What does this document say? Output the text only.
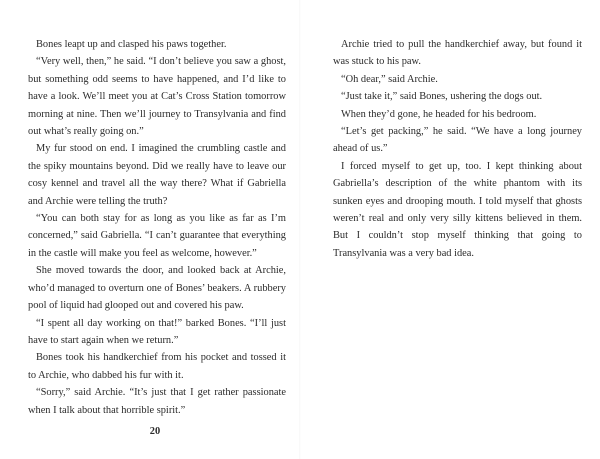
Bones leapt up and clasped his paws together.

“Very well, then,” he said. “I don’t believe you saw a ghost, but something odd seems to have happened, and I’d like to have a look. We’ll meet you at Cat’s Cross Station tomorrow morning at nine. Then we’ll journey to Transylvania and find out what’s really going on.”

My fur stood on end. I imagined the crumbling castle and the spiky mountains beyond. Did we really have to leave our cosy kennel and travel all the way there? What if Gabriella and Archie were telling the truth?

“You can both stay for as long as you like as far as I’m concerned,” said Gabriella. “I can’t guarantee that everything in the castle will make you feel as welcome, however.”

She moved towards the door, and looked back at Archie, who’d managed to overturn one of Bones’ beakers. A rubbery pool of liquid had glooped out and covered his paw.

“I spent all day working on that!” barked Bones. “I’ll just have to start again when we return.”

Bones took his handkerchief from his pocket and tossed it to Archie, who dabbed his fur with it.

“Sorry,” said Archie. “It’s just that I get rather passionate when I talk about that horrible spirit.”

20

Archie tried to pull the handkerchief away, but found it was stuck to his paw.

“Oh dear,” said Archie.

“Just take it,” said Bones, ushering the dogs out.

When they’d gone, he headed for his bedroom.

“Let’s get packing,” he said. “We have a long journey ahead of us.”

I forced myself to get up, too. I kept thinking about Gabriella’s description of the white phantom with its sunken eyes and drooping mouth. I told myself that ghosts weren’t real and only very silly kittens believed in them. But I couldn’t stop myself thinking that going to Transylvania was a very bad idea.
